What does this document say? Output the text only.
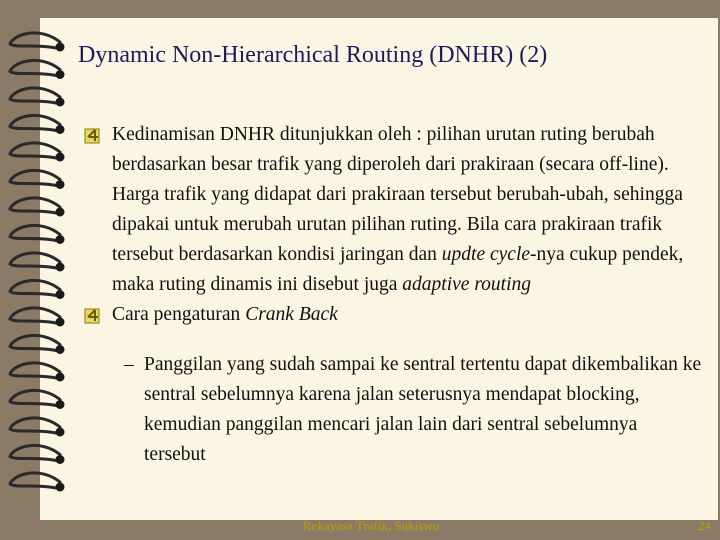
Dynamic Non-Hierarchical Routing (DNHR) (2)

Kedinamisan DNHR ditunjukkan oleh : pilihan urutan ruting berubah berdasarkan besar trafik yang diperoleh dari prakiraan (secara off-line). Harga trafik yang didapat dari prakiraan tersebut berubah-ubah, sehingga dipakai untuk merubah urutan pilihan ruting. Bila cara prakiraan trafik tersebut berdasarkan kondisi jaringan dan updte cycle-nya cukup pendek, maka ruting dinamis ini disebut juga adaptive routing

Cara pengaturan Crank Back

– Panggilan yang sudah sampai ke sentral tertentu dapat dikembalikan ke sentral sebelumnya karena jalan seterusnya mendapat blocking, kemudian panggilan mencari jalan lain dari sentral sebelumnya tersebut

Rekayasa Trafik, Sukiswo	24
